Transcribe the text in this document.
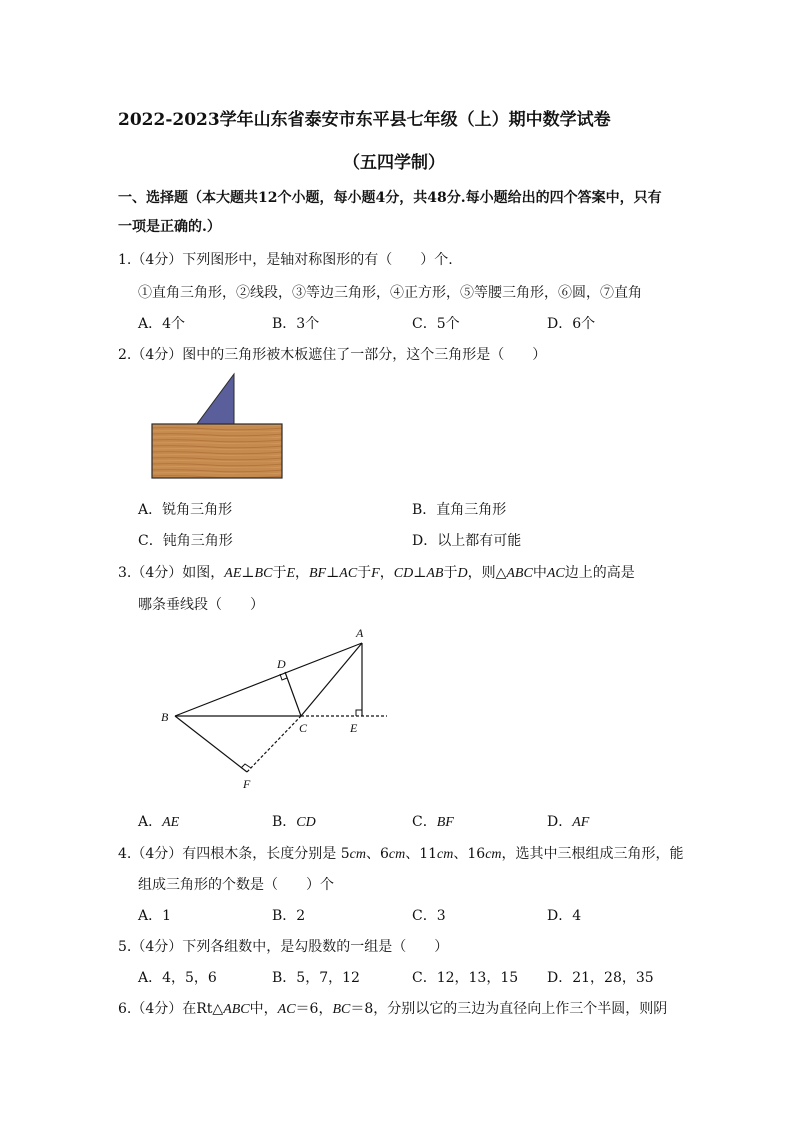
2022-2023学年山东省泰安市东平县七年级（上）期中数学试卷
（五四学制）
一、选择题（本大题共12个小题，每小题4分，共48分.每小题给出的四个答案中，只有
一项是正确的.）
1.（4分）下列图形中，是轴对称图形的有（　　）个.
①直角三角形，②线段，③等边三角形，④正方形，⑤等腰三角形，⑥圆，⑦直角
A．4个	B．3个	C．5个	D．6个
2.（4分）图中的三角形被木板遮住了一部分，这个三角形是（　　）
A．锐角三角形	B．直角三角形
C．钝角三角形	D．以上都有可能
3.（4分）如图，AE⊥BC于E，BF⊥AC于F，CD⊥AB于D，则△ABC中AC边上的高是
哪条垂线段（　　）
A
B
C
D
E
F
A．AE	B．CD	C．BF	D．AF
4.（4分）有四根木条，长度分别是 5cm、6cm、11cm、16cm，选其中三根组成三角形，能
组成三角形的个数是（　　）个
A．1	B．2	C．3	D．4
5.（4分）下列各组数中，是勾股数的一组是（　　）
A．4，5，6	B．5，7，12	C．12，13，15 D．21，28，35
6.（4分）在Rt△ABC中，AC＝6，BC＝8，分别以它的三边为直径向上作三个半圆，则阴
